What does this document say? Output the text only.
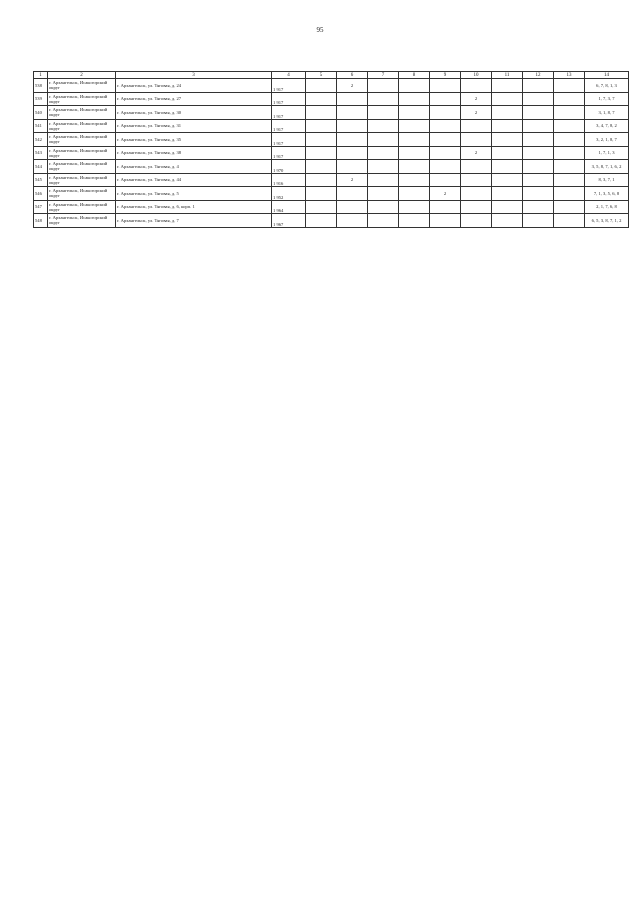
95
1	2	3	4	5	6	7	8	9	10	11	12	13	14
538	г. Архангельск, Исакогорский округ	г. Архангельск, ул. Тяговая, д. 24	1 917		2								6, 7, 8, 1, 3
539	г. Архангельск, Исакогорский округ	г. Архангельск, ул. Тяговая, д. 27	1 917						2				1, 7, 3, 7
540	г. Архангельск, Исакогорский округ	г. Архангельск, ул. Тяговая, д. 30	1 917						2				3, 1, 8, 7
541	г. Архангельск, Исакогорский округ	г. Архангельск, ул. Тяговая, д. 31	1 917										3, 4, 7, 8, 2
542	г. Архангельск, Исакогорский округ	г. Архангельск, ул. Тяговая, д. 35	1 917										3, 2, 1, 8, 7
543	г. Архангельск, Исакогорский округ	г. Архангельск, ул. Тяговая, д. 38	1 917						2				1, 7, 1, 3
544	г. Архангельск, Исакогорский округ	г. Архангельск, ул. Тяговая, д. 4	1 970										3, 5, 8, 7, 1, 6, 2
545	г. Архангельск, Исакогорский округ	г. Архангельск, ул. Тяговая, д. 44	1 916		2								8, 3, 7, 1
546	г. Архангельск, Исакогорский округ	г. Архангельск, ул. Тяговая, д. 5	1 952					2					7, 1, 3, 5, 6, 8
547	г. Архангельск, Исакогорский округ	г. Архангельск, ул. Тяговая, д. 6, корп. 1	1 964										2, 1, 7, 6, 8
548	г. Архангельск, Исакогорский округ	г. Архангельск, ул. Тяговая, д. 7	1 967										6, 5, 3, 8, 7, 1, 2
